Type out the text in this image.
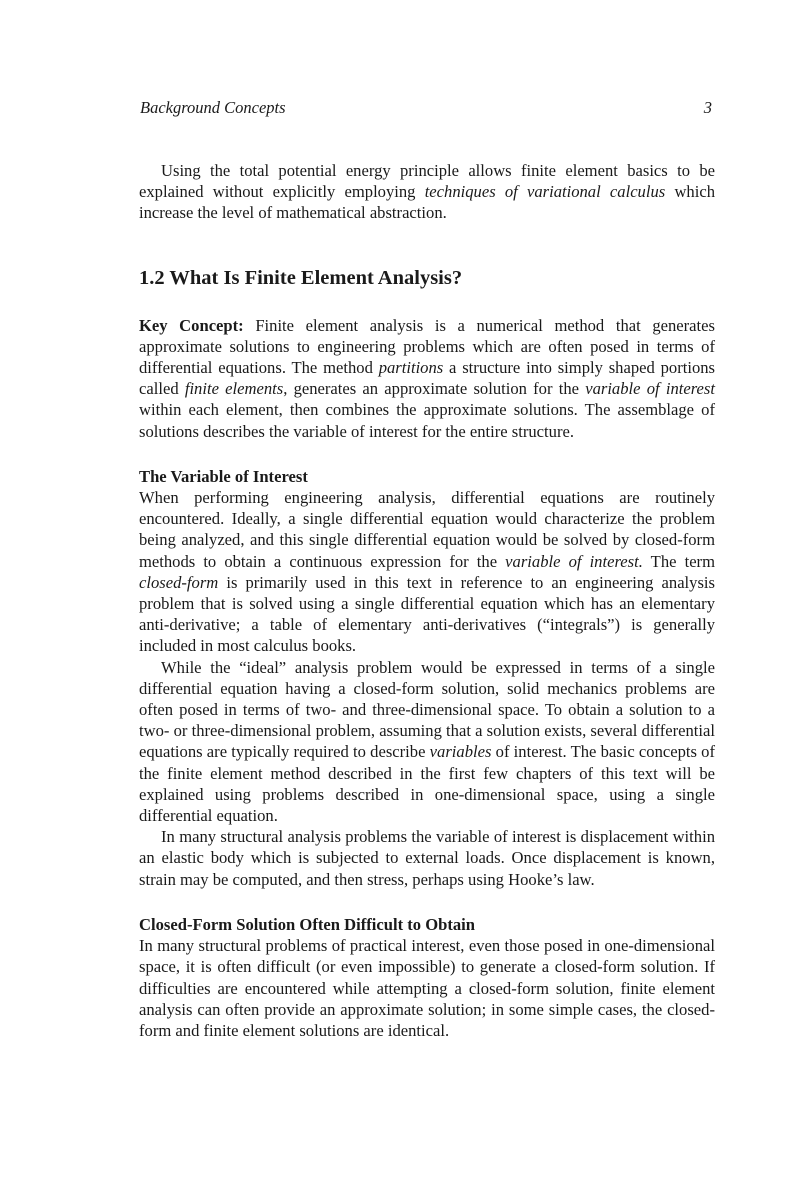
Background Concepts	3

Using the total potential energy principle allows finite element basics to be explained without explicitly employing techniques of variational calculus which increase the level of mathematical abstraction.

1.2 What Is Finite Element Analysis?

Key Concept: Finite element analysis is a numerical method that generates approximate solutions to engineering problems which are often posed in terms of differential equations. The method partitions a structure into simply shaped portions called finite elements, generates an approximate solution for the variable of interest within each element, then combines the approximate solutions. The assemblage of solutions describes the variable of interest for the entire structure.

The Variable of Interest

When performing engineering analysis, differential equations are routinely encountered. Ideally, a single differential equation would characterize the problem being analyzed, and this single differential equation would be solved by closed-form methods to obtain a continuous expression for the variable of interest. The term closed-form is primarily used in this text in reference to an engineering analysis problem that is solved using a single differential equation which has an elementary anti-derivative; a table of elementary anti-derivatives (“integrals”) is generally included in most calculus books.

While the “ideal” analysis problem would be expressed in terms of a single differential equation having a closed-form solution, solid mechanics problems are often posed in terms of two- and three-dimensional space. To obtain a solution to a two- or three-dimensional problem, assuming that a solution exists, several differential equations are typically required to describe variables of interest. The basic concepts of the finite element method described in the first few chapters of this text will be explained using problems described in one-dimensional space, using a single differential equation.

In many structural analysis problems the variable of interest is displacement within an elastic body which is subjected to external loads. Once displacement is known, strain may be computed, and then stress, perhaps using Hooke’s law.

Closed-Form Solution Often Difficult to Obtain

In many structural problems of practical interest, even those posed in one-dimensional space, it is often difficult (or even impossible) to generate a closed-form solution. If difficulties are encountered while attempting a closed-form solution, finite element analysis can often provide an approximate solution; in some simple cases, the closed-form and finite element solutions are identical.
